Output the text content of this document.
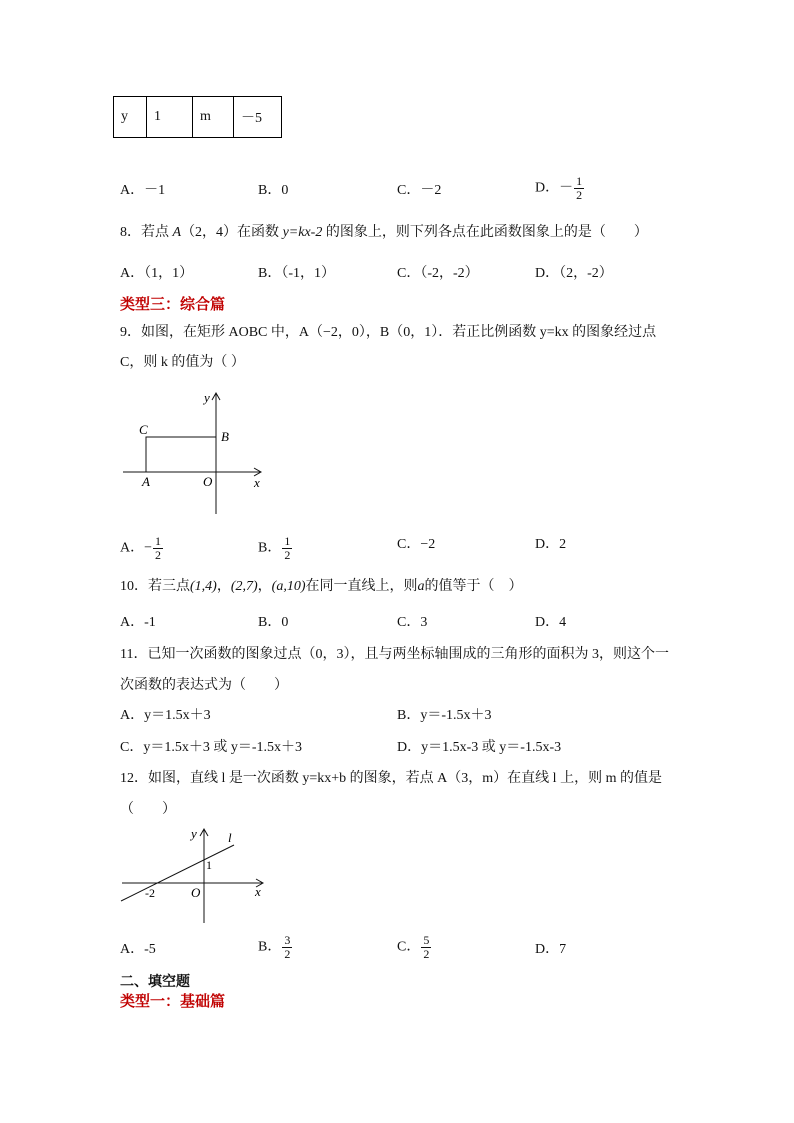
y	1	m	－5
A．－1	B．0	C．－2	D．－ $\frac{1}{2}$
8．若点 A（2，4）在函数 y=kx-2 的图象上，则下列各点在此函数图象上的是（　　）
A．（1，1）	B．（-1，1）	C．（-2，-2）	D．（2，-2）
类型三：综合篇
9．如图，在矩形 AOBC 中，A（−2，0），B（0，1）．若正比例函数 y=kx 的图象经过点
C，则 k 的值为（ ）
y
x
C	B
A	O
A．− $\frac{1}{2}$	B． $\frac{1}{2}$	C．−2	D．2
10．若三点(1,4)，(2,7)，(a,10)在同一直线上，则a的值等于（　）
A．-1	B．0	C．3	D．4
11．已知一次函数的图象过点（0，3），且与两坐标轴围成的三角形的面积为 3，则这个一
次函数的表达式为（　　）
A．y＝1.5x＋3	B．y＝-1.5x＋3
C．y＝1.5x＋3 或 y＝-1.5x＋3	D．y＝1.5x-3 或 y＝-1.5x-3
12．如图，直线 l 是一次函数 y=kx+b 的图象，若点 A（3，m）在直线 l 上，则 m 的值是
（　　）
y l
1
-2	O	x
A．-5	B． $\frac{3}{2}$	C． $\frac{5}{2}$	D．7
二、填空题
类型一：基础篇
